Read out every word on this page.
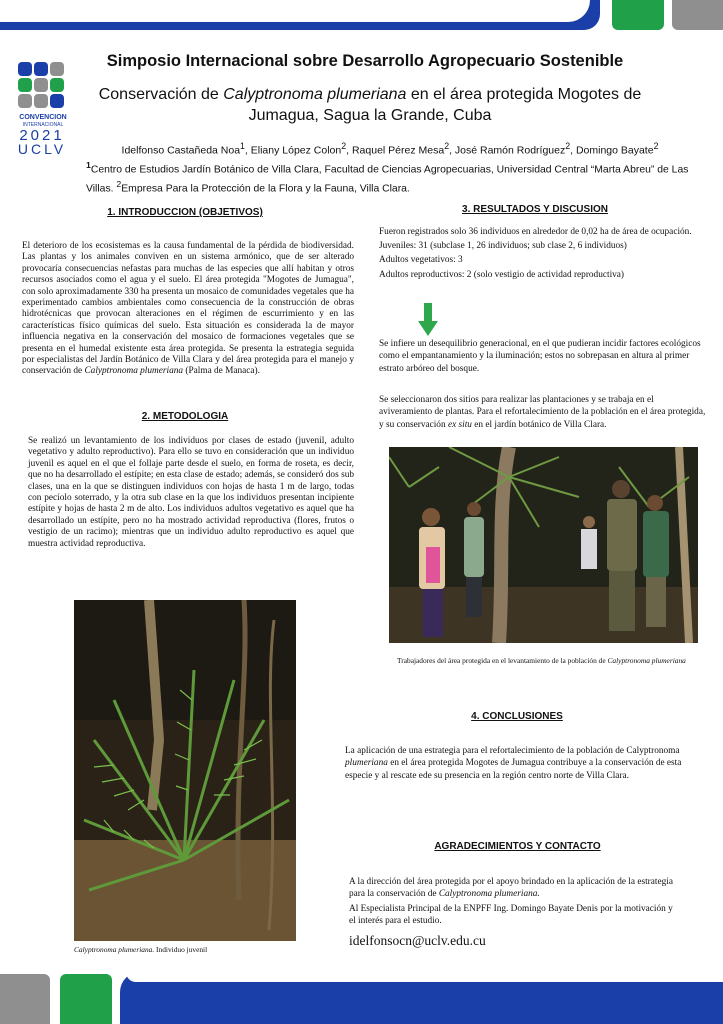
CONVENCION
INTERNACIONAL
2021
UCLV
Simposio Internacional sobre Desarrollo Agropecuario Sostenible
Conservación de Calyptronoma plumeriana en el área protegida Mogotes de Jumagua, Sagua la Grande, Cuba
Idelfonso Castañeda Noa$^1$, Eliany López Colon$^2$, Raquel Pérez Mesa$^2$, José Ramón Rodríguez$^2$, Domingo Bayate$^2$
$^1$Centro de Estudios Jardín Botánico de Villa Clara, Facultad de Ciencias Agropecuarias, Universidad Central “Marta Abreu” de Las Villas. $^2$Empresa Para la Protección de la Flora y la Fauna, Villa Clara.
1. INTRODUCCION (OBJETIVOS)
El deterioro de los ecosistemas es la causa fundamental de la pérdida de biodiversidad. Las plantas y los animales conviven en un sistema armónico, que de ser alterado provocaría consecuencias nefastas para muchas de las especies que allí habitan y otros recursos asociados como el agua y el suelo. El área protegida "Mogotes de Jumagua", con solo aproximadamente 330 ha presenta un mosaico de comunidades vegetales que ha experimentado cambios ambientales como consecuencia de la construcción de obras hidrotécnicas que provocan alteraciones en el régimen de escurrimiento y en las características físico químicas del suelo. Esta situación es considerada la de mayor influencia negativa en la conservación del mosaico de formaciones vegetales que se presenta en el humedal existente esta área protegida. Se presenta la estrategia seguida por especialistas del Jardín Botánico de Villa Clara y del área protegida para el manejo y conservación de Calyptronoma plumeriana (Palma de Manaca).
2. METODOLOGIA
Se realizó un levantamiento de los individuos por clases de estado (juvenil, adulto vegetativo y adulto reproductivo). Para ello se tuvo en consideración que un individuo juvenil es aquel en el que el follaje parte desde el suelo, en forma de roseta, es decir, que no ha desarrollado el estípite; en esta clase de estado; además, se consideró dos sub clases, una en la que se distinguen individuos con hojas de hasta 1 m de largo, todas con pecíolo soterrado, y la otra sub clase en la que los individuos presentan incipiente estípite y hojas de hasta 2 m de alto. Los individuos adultos vegetativo es aquel que ha desarrollado un estípite, pero no ha mostrado actividad reproductiva (flores, frutos o vestigio de un racimo); mientras que un individuo adulto reproductivo es aquel que muestra actividad reproductiva.
Calyptronoma plumeriana. Individuo juvenil
3. RESULTADOS Y DISCUSION
Fueron registrados solo 36 individuos en alrededor de 0,02 ha de área de ocupación.
Juveniles: 31 (subclase 1, 26 individuos; sub clase 2, 6 individuos)
Adultos vegetativos: 3
Adultos reproductivos: 2 (solo vestigio de actividad reproductiva)
Se infiere un desequilibrio generacional, en el que pudieran incidir factores ecológicos como el empantanamiento y la iluminación; estos no sobrepasan en altura al primer estrato arbóreo del bosque.
Se seleccionaron dos sitios para realizar las plantaciones y se trabaja en el aviveramiento de plantas. Para el refortalecimiento de la población en el área protegida, y su conservación ex situ en el jardín botánico de Villa Clara.
Trabajadores del área protegida en el levantamiento de la población de Calyptronoma plumeriana
4. CONCLUSIONES
La aplicación de una estrategia para el refortalecimiento de la población de Calyptronoma plumeriana en el área protegida Mogotes de Jumagua contribuye a la conservación de esta especie y al rescate ede su presencia en la región centro norte de Villa Clara.
AGRADECIMIENTOS Y CONTACTO
A la dirección del área protegida por el apoyo brindado en la aplicación de la estrategia para la conservación de Calyptronoma plumeriana.
Al Especialista Principal de la ENPFF Ing. Domingo Bayate Denis por la motivación y el interés para el estudio.
idelfonsocn@uclv.edu.cu
